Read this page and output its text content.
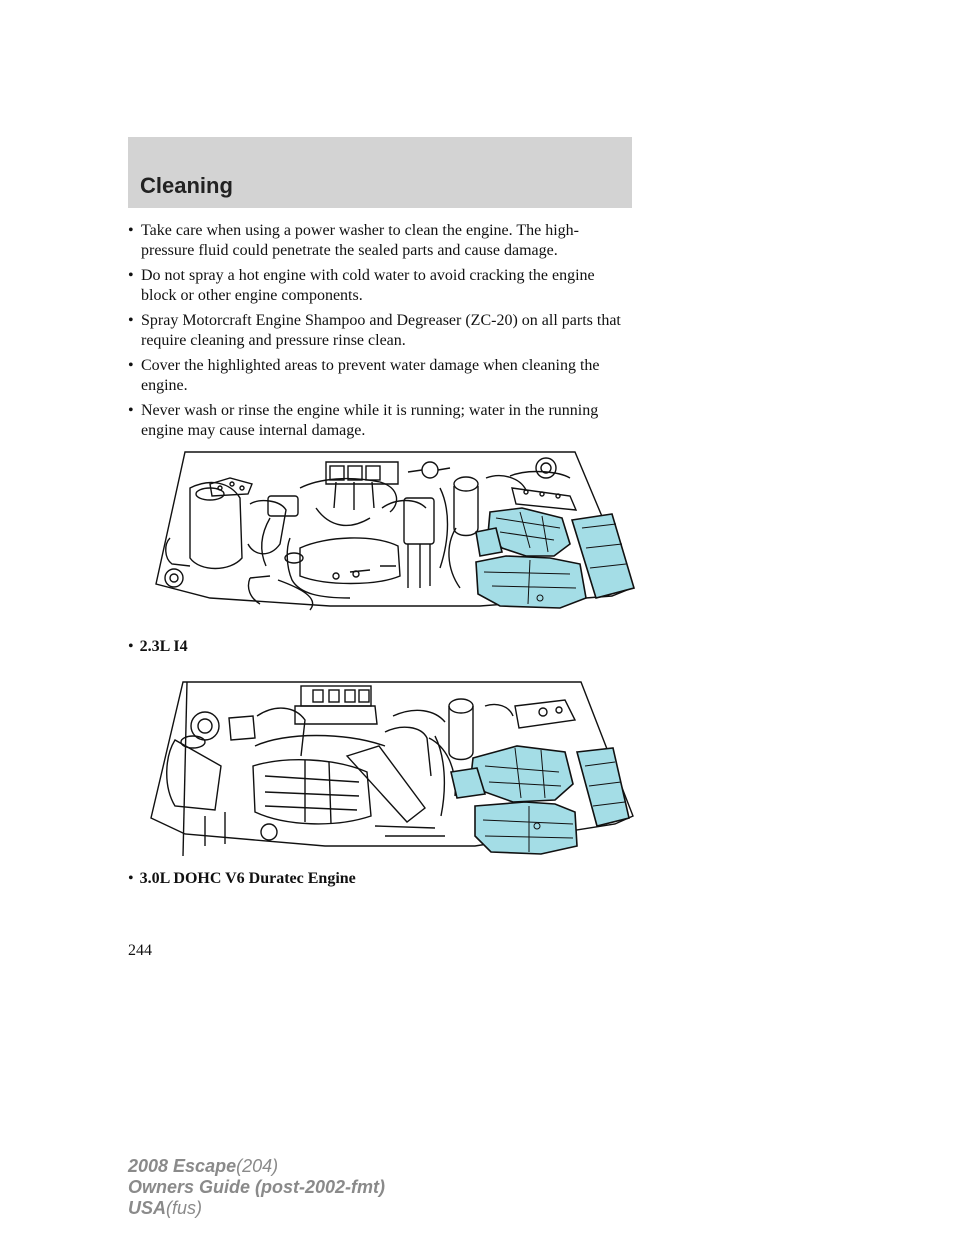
Cleaning
• Take care when using a power washer to clean the engine. The high-pressure fluid could penetrate the sealed parts and cause damage.
• Do not spray a hot engine with cold water to avoid cracking the engine block or other engine components.
• Spray Motorcraft Engine Shampoo and Degreaser (ZC-20) on all parts that require cleaning and pressure rinse clean.
• Cover the highlighted areas to prevent water damage when cleaning the engine.
• Never wash or rinse the engine while it is running; water in the running engine may cause internal damage.
• 2.3L I4
• 3.0L DOHC V6 Duratec Engine
244
2008 Escape(204)
Owners Guide (post-2002-fmt)
USA(fus)
